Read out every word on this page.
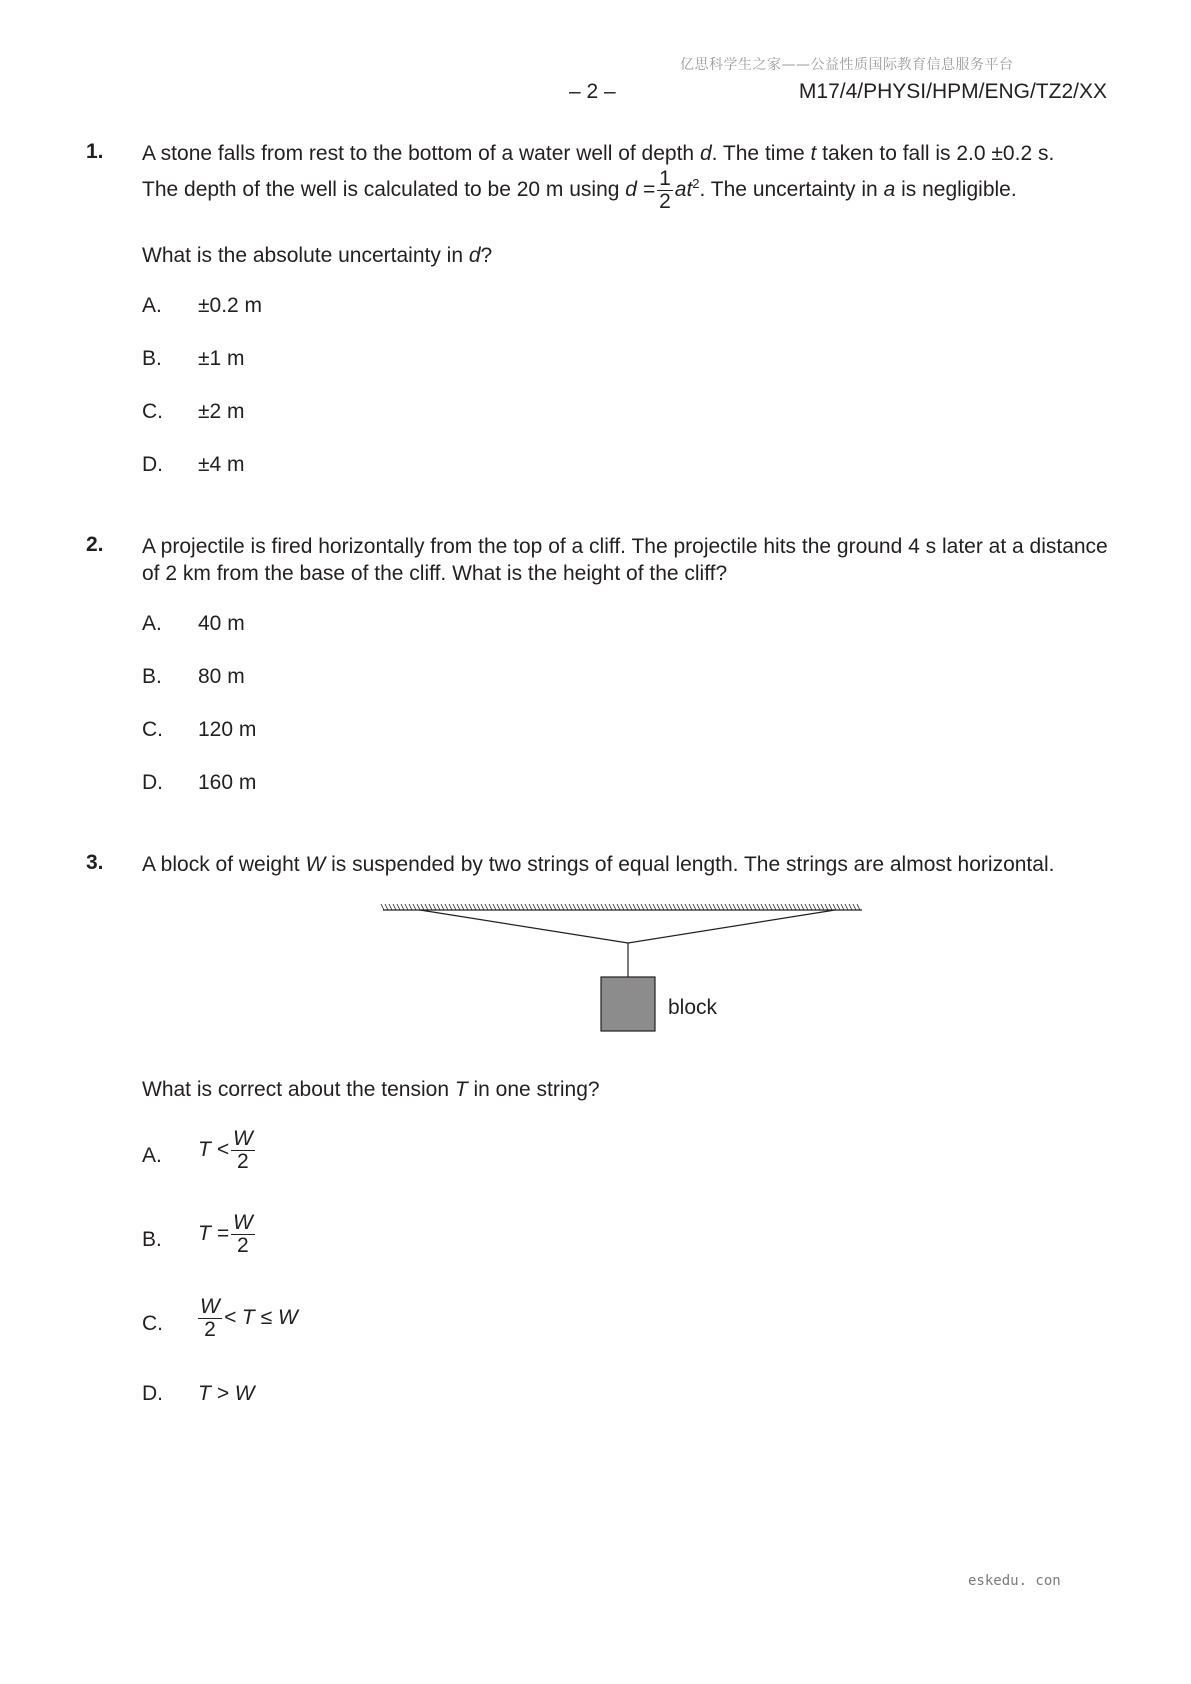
亿思科学生之家——公益性质国际教育信息服务平台
– 2 –	M17/4/PHYSI/HPM/ENG/TZ2/XX
1. A stone falls from rest to the bottom of a water well of depth d. The time t taken to fall is 2.0 ±0.2 s.
The depth of the well is calculated to be 20 m using $d = \frac{1}{2} at^2$. The uncertainty in a is negligible.
What is the absolute uncertainty in d?
A. ±0.2 m
B. ±1 m
C. ±2 m
D. ±4 m
2. A projectile is fired horizontally from the top of a cliff. The projectile hits the ground 4 s later at a distance of 2 km from the base of the cliff. What is the height of the cliff?
A. 40 m
B. 80 m
C. 120 m
D. 160 m
3. A block of weight W is suspended by two strings of equal length. The strings are almost horizontal.
block
What is correct about the tension T in one string?
A. $T < \frac{W}{2}$
B. $T = \frac{W}{2}$
C. $\frac{W}{2} < T \le W$
D. T > W
eskedu. con
